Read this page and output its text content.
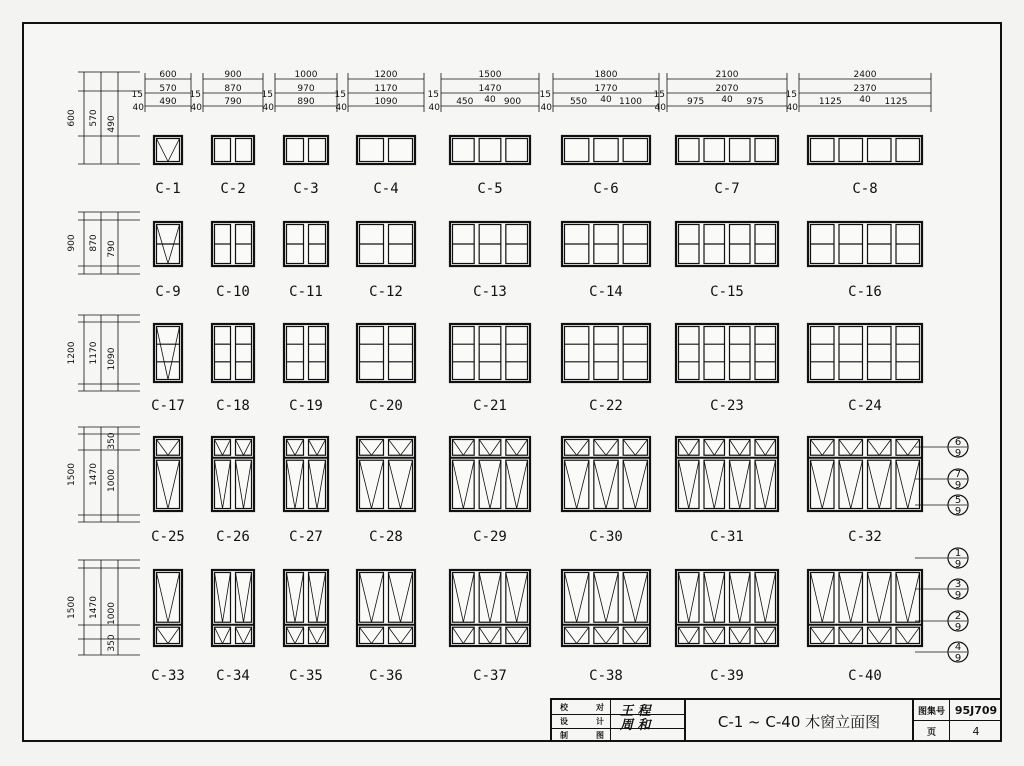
600
570
15
40
490
900
870
15
40
790
1000
970
15
40
890
1200
1170
15
40
1090
1500
1470
15
40
450 40 900
1800
1770
15
40
550 40 1100
2100
2070
15
40
975 40 975
2400
2370
15
40
1125 40 1125
600 570 490
900 870 790
1200 1170 1090
1500 1470 1000
350
1500 1470 1000
350
C-1	C-2	C-3	C-4	C-5	C-6	C-7	C-8
C-9	C-10	C-11	C-12	C-13	C-14	C-15	C-16
C-17 C-18	C-19	C-20	C-21	C-22	C-23	C-24
C-25 C-26	C-27	C-28	C-29	C-30	C-31	C-32
C-33 C-34	C-35	C-36	C-37	C-38	C-39	C-40
6
9
7
9
5
9
1
9
3
9
2
9
4
9
校	对 王 程
设	计 周 和
制	图
C-1 ~ C-40 木窗立面图
图集号 95J709
页	4
